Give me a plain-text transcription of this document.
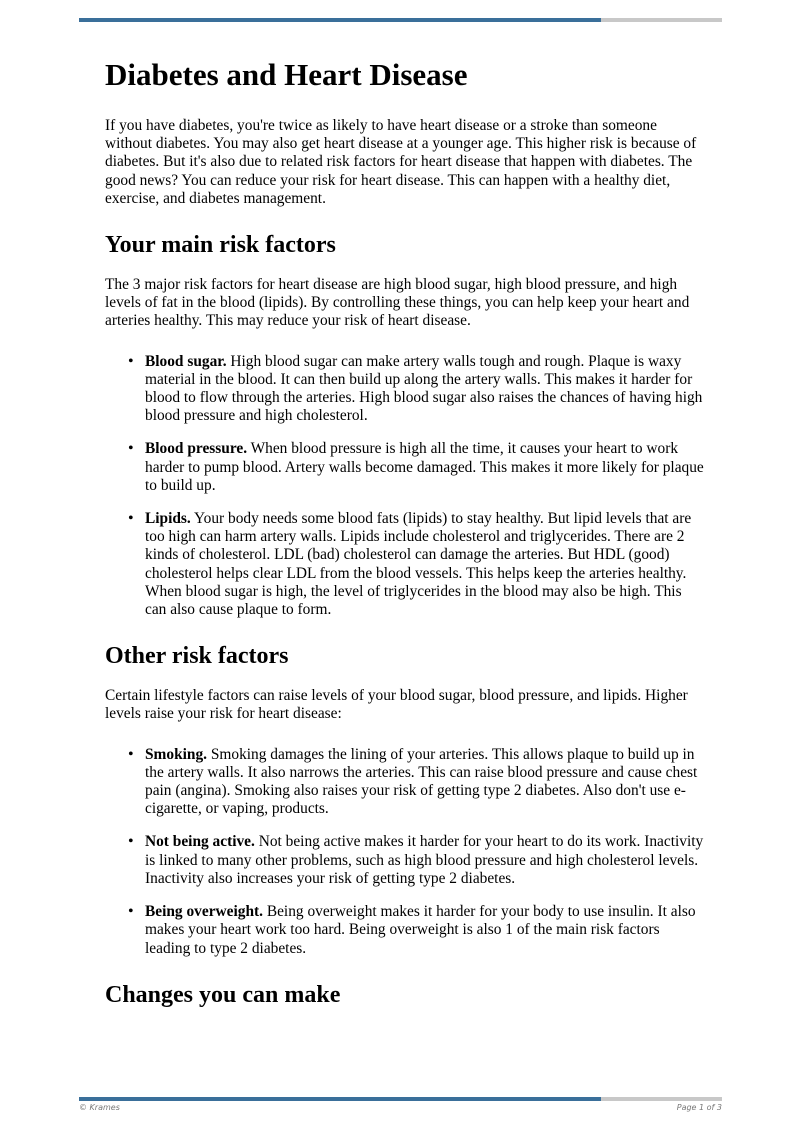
Diabetes and Heart Disease

If you have diabetes, you're twice as likely to have heart disease or a stroke than someone without diabetes. You may also get heart disease at a younger age. This higher risk is because of diabetes. But it's also due to related risk factors for heart disease that happen with diabetes. The good news? You can reduce your risk for heart disease. This can happen with a healthy diet, exercise, and diabetes management.

Your main risk factors

The 3 major risk factors for heart disease are high blood sugar, high blood pressure, and high levels of fat in the blood (lipids). By controlling these things, you can help keep your heart and arteries healthy. This may reduce your risk of heart disease.

• Blood sugar. High blood sugar can make artery walls tough and rough. Plaque is waxy material in the blood. It can then build up along the artery walls. This makes it harder for blood to flow through the arteries. High blood sugar also raises the chances of having high blood pressure and high cholesterol.
• Blood pressure. When blood pressure is high all the time, it causes your heart to work harder to pump blood. Artery walls become damaged. This makes it more likely for plaque to build up.
• Lipids. Your body needs some blood fats (lipids) to stay healthy. But lipid levels that are too high can harm artery walls. Lipids include cholesterol and triglycerides. There are 2 kinds of cholesterol. LDL (bad) cholesterol can damage the arteries. But HDL (good) cholesterol helps clear LDL from the blood vessels. This helps keep the arteries healthy. When blood sugar is high, the level of triglycerides in the blood may also be high. This can also cause plaque to form.
Other risk factors

Certain lifestyle factors can raise levels of your blood sugar, blood pressure, and lipids. Higher levels raise your risk for heart disease:

• Smoking. Smoking damages the lining of your arteries. This allows plaque to build up in the artery walls. It also narrows the arteries. This can raise blood pressure and cause chest pain (angina). Smoking also raises your risk of getting type 2 diabetes. Also don't use e-cigarette, or vaping, products.
• Not being active. Not being active makes it harder for your heart to do its work. Inactivity is linked to many other problems, such as high blood pressure and high cholesterol levels. Inactivity also increases your risk of getting type 2 diabetes.
• Being overweight. Being overweight makes it harder for your body to use insulin. It also makes your heart work too hard. Being overweight is also 1 of the main risk factors leading to type 2 diabetes.
Changes you can make
© Krames	Page 1 of 3
